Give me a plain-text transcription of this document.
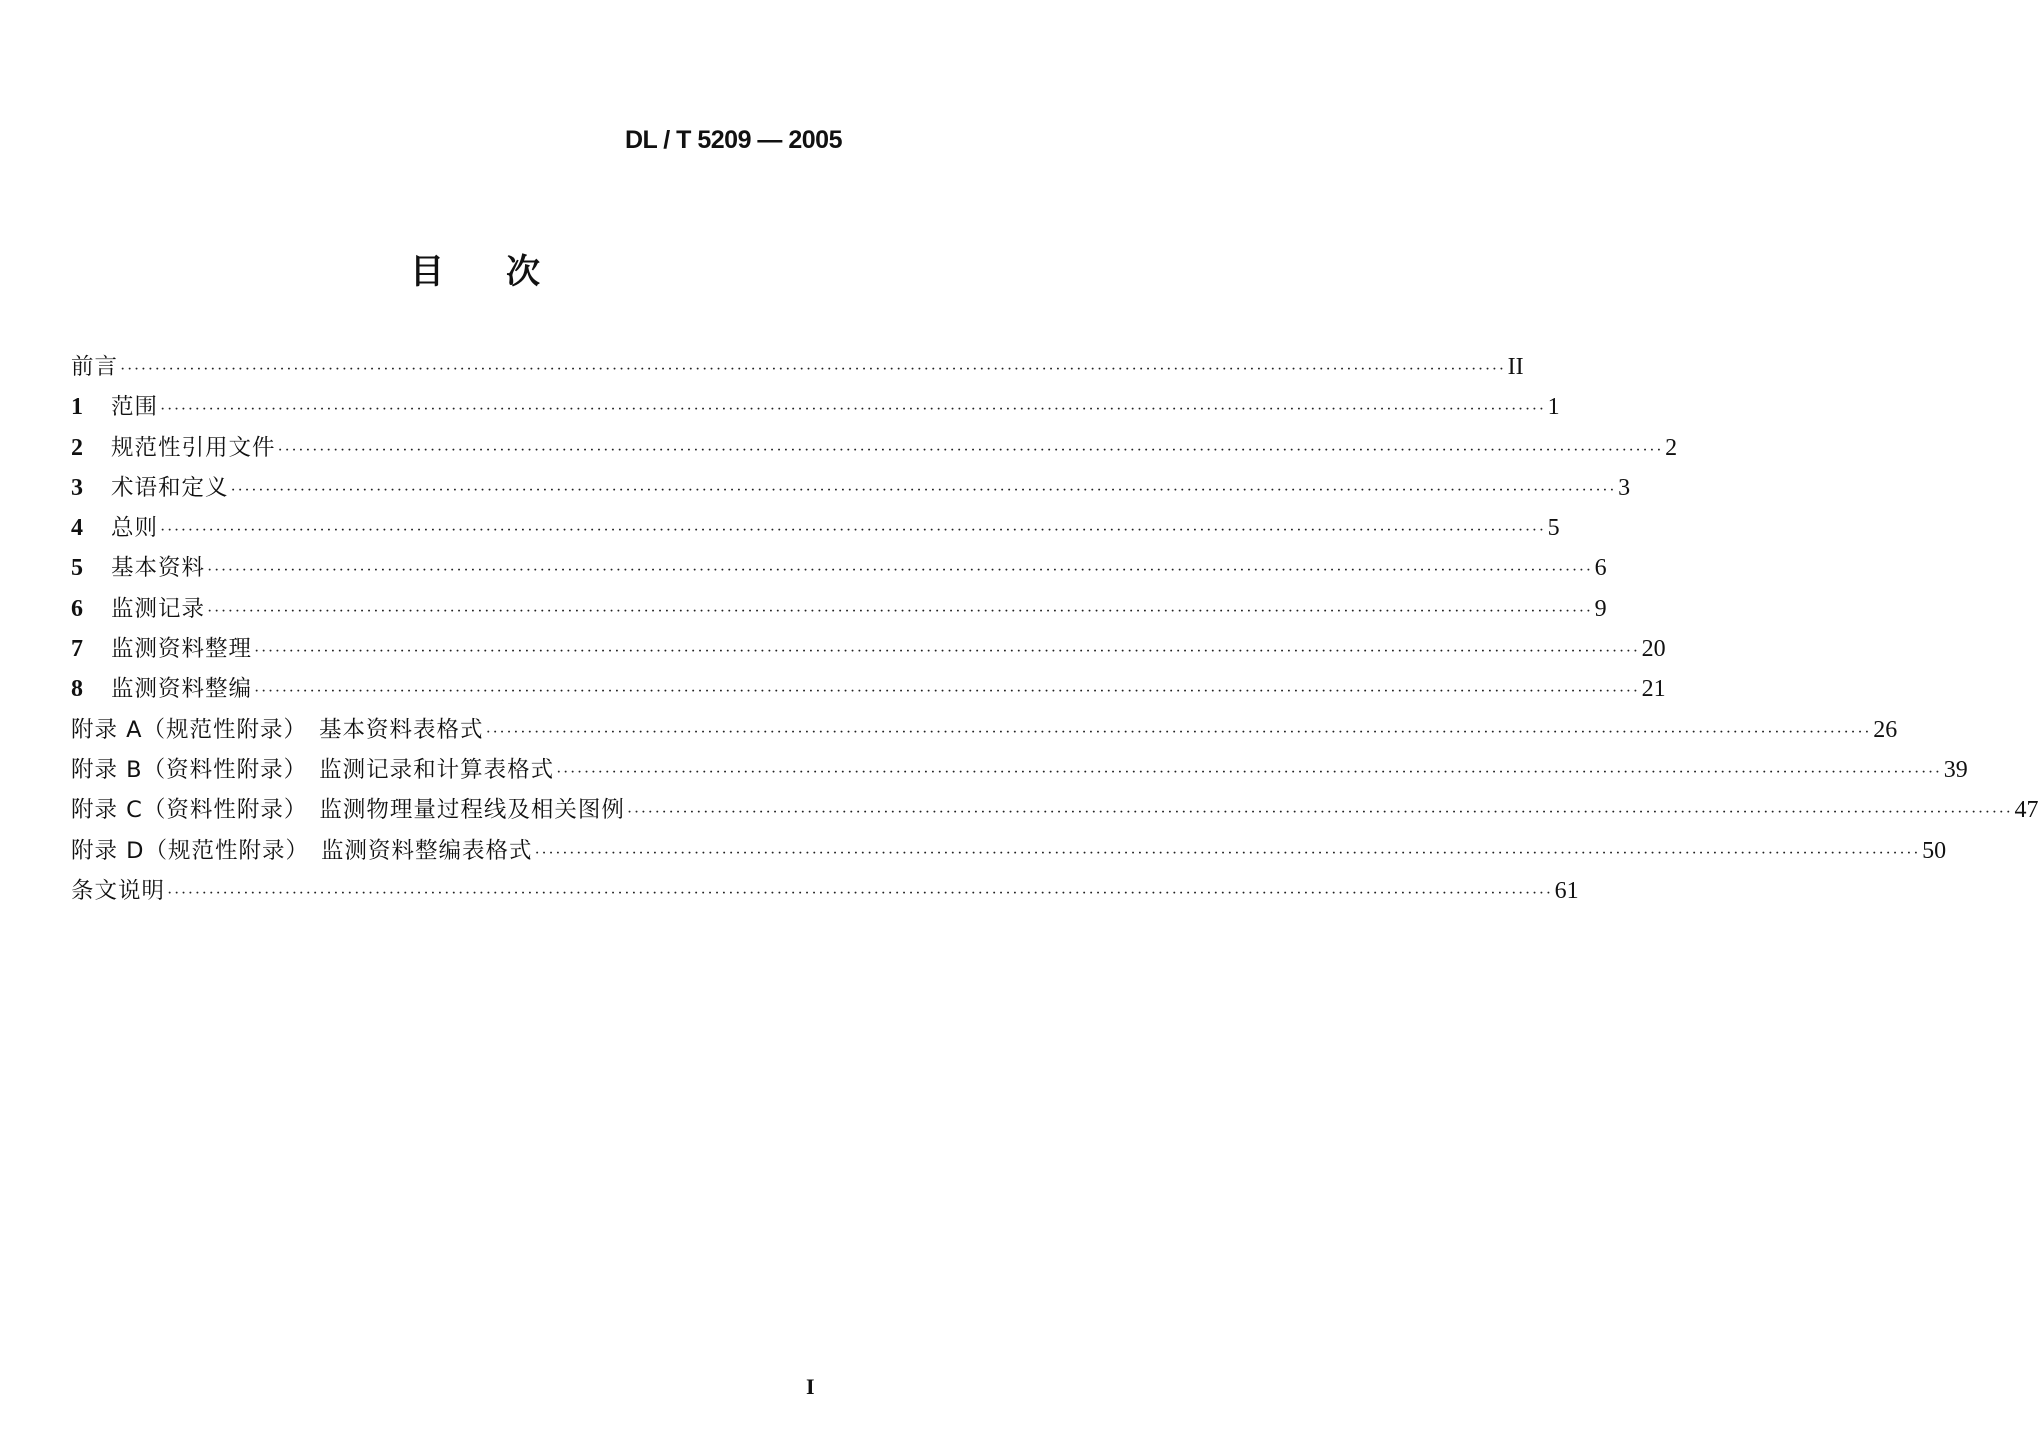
DL / T 5209 — 2005
目 次
前言 ········································································································································································································ II
1	范围 ········································································································································································································ 1
2	规范性引用文件 ········································································································································································································ 2
3	术语和定义 ········································································································································································································ 3
4	总则 ········································································································································································································ 5
5	基本资料 ········································································································································································································ 6
6	监测记录 ········································································································································································································ 9
7	监测资料整理 ········································································································································································································ 20
8	监测资料整编 ········································································································································································································ 21
附录 A（规范性附录） 基本资料表格式 ········································································································································································································ 26
附录 B（资料性附录） 监测记录和计算表格式 ········································································································································································································ 39
附录 C（资料性附录） 监测物理量过程线及相关图例 ········································································································································································································ 47
附录 D（规范性附录） 监测资料整编表格式 ········································································································································································································ 50
条文说明 ········································································································································································································ 61
I
